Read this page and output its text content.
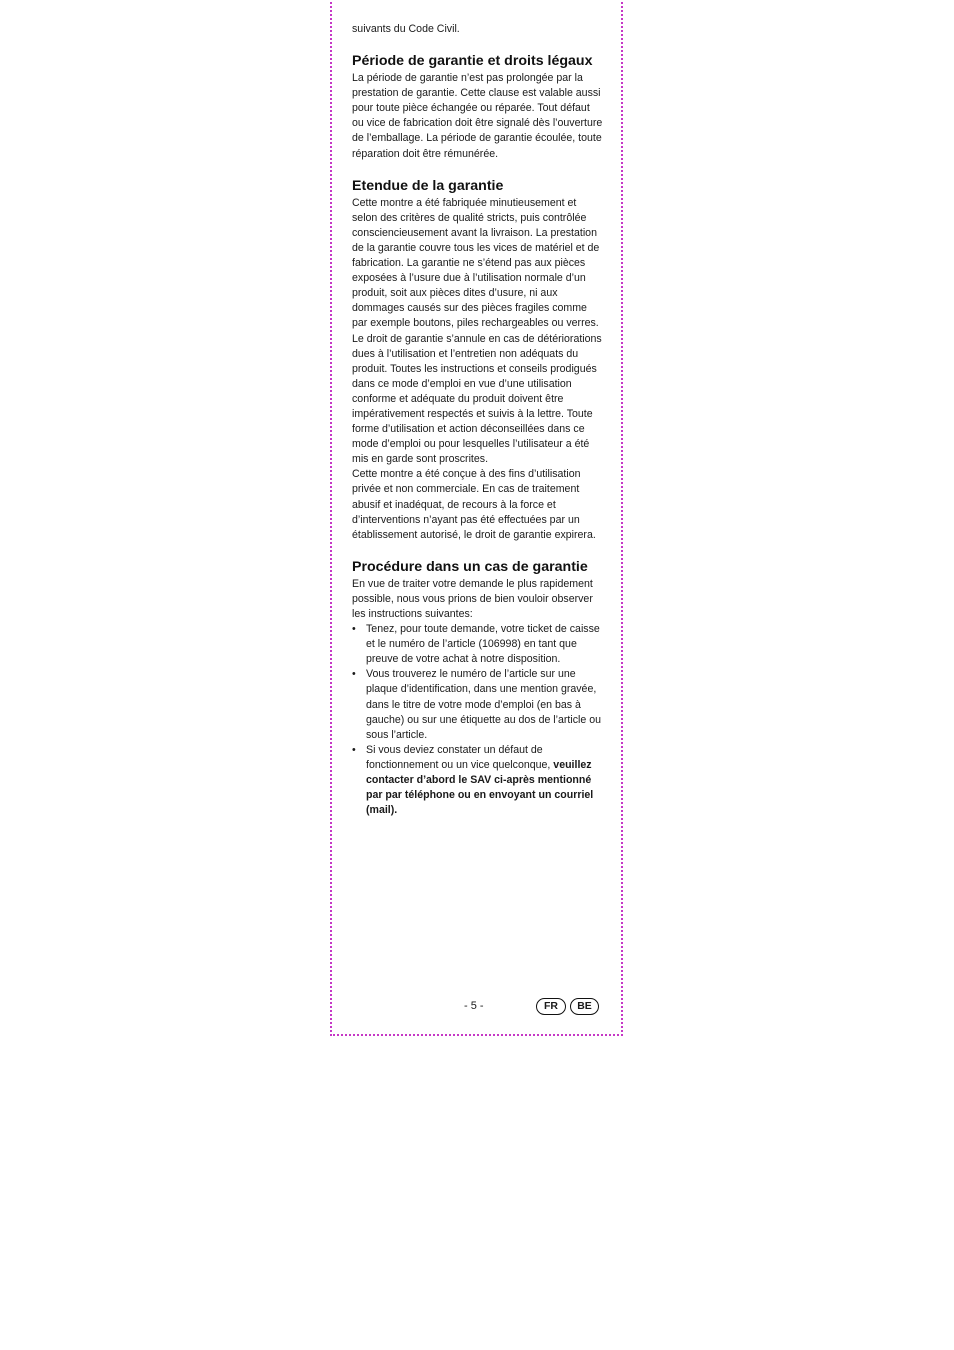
suivants du Code Civil.

Période de garantie et droits légaux

La période de garantie n’est pas prolongée par la prestation de garantie. Cette clause est valable aussi pour toute pièce échangée ou réparée. Tout défaut ou vice de fabrication doit être signalé dès l’ouverture de l’emballage. La période de garantie écoulée, toute réparation doit être rémunérée.

Etendue de la garantie

Cette montre a été fabriquée minutieusement et selon des critères de qualité stricts, puis contrôlée consciencieusement avant la livraison. La prestation de la garantie couvre tous les vices de matériel et de fabrication. La garantie ne s’étend pas aux pièces exposées à l’usure due à l’utilisation normale d’un produit, soit aux pièces dites d’usure, ni aux dommages causés sur des pièces fragiles comme par exemple boutons, piles rechargeables ou verres.

Le droit de garantie s’annule en cas de détériorations dues à l’utilisation et l’entretien non adéquats du produit. Toutes les instructions et conseils prodigués dans ce mode d’emploi en vue d’une utilisation conforme et adéquate du produit doivent être impérativement respectés et suivis à la lettre. Toute forme d’utilisation et action déconseillées dans ce mode d’emploi ou pour lesquelles l’utilisateur a été mis en garde sont proscrites.

Cette montre a été conçue à des fins d’utilisation privée et non commerciale. En cas de traitement abusif et inadéquat, de recours à la force et d’interventions n’ayant pas été effectuées par un établissement autorisé, le droit de garantie expirera.

Procédure dans un cas de garantie

En vue de traiter votre demande le plus rapidement possible, nous vous prions de bien vouloir observer les instructions suivantes:

• Tenez, pour toute demande, votre ticket de caisse et le numéro de l’article (106998) en tant que preuve de votre achat à notre disposition.
• Vous trouverez le numéro de l’article sur une plaque d’identification, dans une mention gravée, dans le titre de votre mode d’emploi (en bas à gauche) ou sur une étiquette au dos de l’article ou sous l’article.
• Si vous deviez constater un défaut de fonctionnement ou un vice quelconque, veuillez contacter d’abord le SAV ci-après mentionné par par téléphone ou en envoyant un courriel (mail).
- 5 -	FR	BE
